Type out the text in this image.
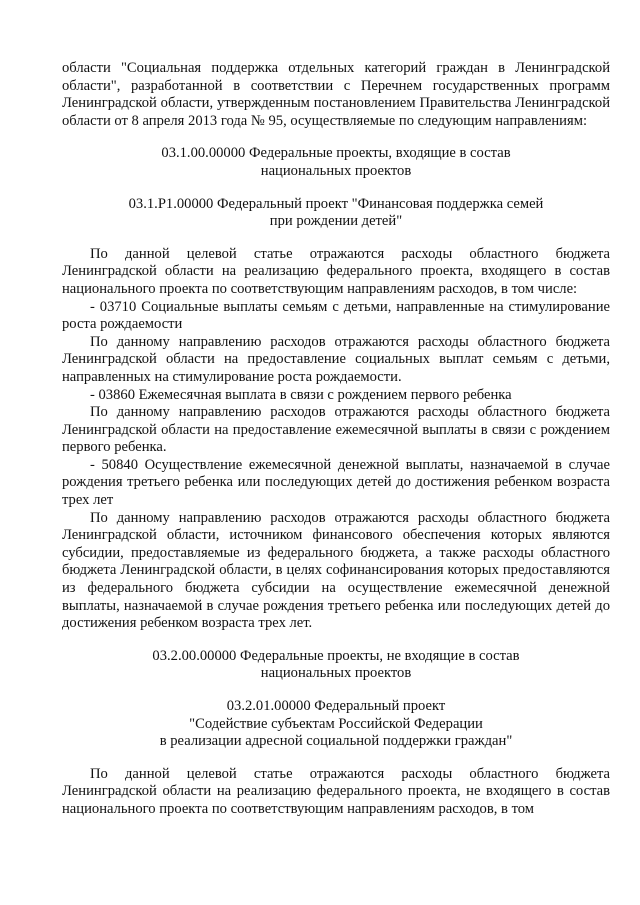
области "Социальная поддержка отдельных категорий граждан в Ленинградской области", разработанной в соответствии с Перечнем государственных программ Ленинградской области, утвержденным постановлением Правительства Ленинградской области от 8 апреля 2013 года № 95, осуществляемые по следующим направлениям:

03.1.00.00000 Федеральные проекты, входящие в состав
национальных проектов
03.1.P1.00000 Федеральный проект "Финансовая поддержка семей
при рождении детей"

По данной целевой статье отражаются расходы областного бюджета Ленинградской области на реализацию федерального проекта, входящего в состав национального проекта по соответствующим направлениям расходов, в том числе:

- 03710 Социальные выплаты семьям с детьми, направленные на стимулирование роста рождаемости

По данному направлению расходов отражаются расходы областного бюджета Ленинградской области на предоставление социальных выплат семьям с детьми, направленных на стимулирование роста рождаемости.

- 03860 Ежемесячная выплата в связи с рождением первого ребенка

По данному направлению расходов отражаются расходы областного бюджета Ленинградской области на предоставление ежемесячной выплаты в связи с рождением первого ребенка.

- 50840 Осуществление ежемесячной денежной выплаты, назначаемой в случае рождения третьего ребенка или последующих детей до достижения ребенком возраста трех лет

По данному направлению расходов отражаются расходы областного бюджета Ленинградской области, источником финансового обеспечения которых являются субсидии, предоставляемые из федерального бюджета, а также расходы областного бюджета Ленинградской области, в целях софинансирования которых предоставляются из федерального бюджета субсидии на осуществление ежемесячной денежной выплаты, назначаемой в случае рождения третьего ребенка или последующих детей до достижения ребенком возраста трех лет.

03.2.00.00000 Федеральные проекты, не входящие в состав
национальных проектов
03.2.01.00000 Федеральный проект
"Содействие субъектам Российской Федерации
в реализации адресной социальной поддержки граждан"

По данной целевой статье отражаются расходы областного бюджета Ленинградской области на реализацию федерального проекта, не входящего в состав национального проекта по соответствующим направлениям расходов, в том
